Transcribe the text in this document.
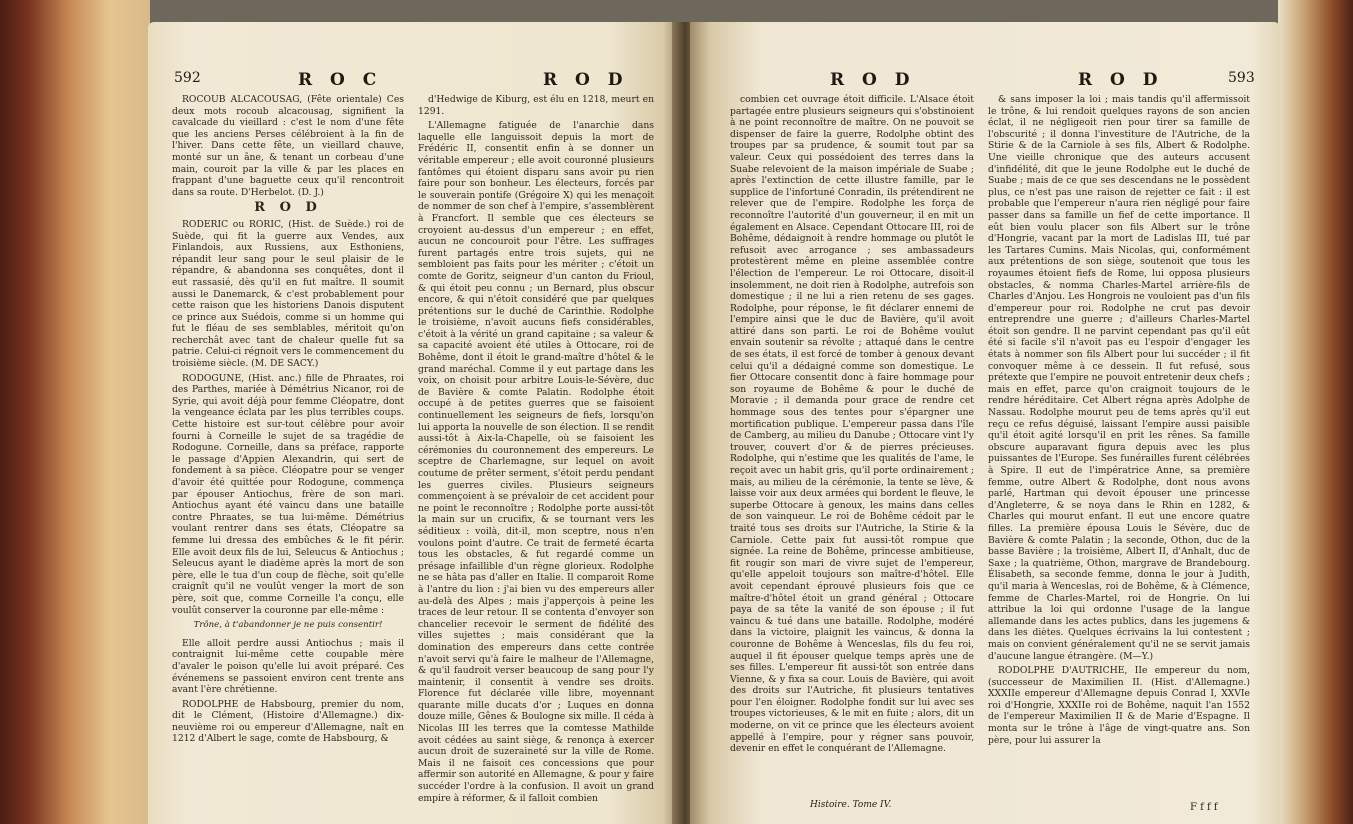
592	R O C	R O D

ROCOUB ALCACOUSAG, (Fête orientale) Ces deux mots rocoub alcacousag, signifient la cavalcade du vieillard : c'est le nom d'une fête que les anciens Perses célébroient à la fin de l'hiver. Dans cette fête, un vieillard chauve, monté sur un âne, & tenant un corbeau d'une main, couroit par la ville & par les places en frappant d'une baguette ceux qu'il rencontroit dans sa route. D'Herbelot. (D. J.)

R O D

RODERIC ou RORIC, (Hist. de Suède.) roi de Suède, qui fit la guerre aux Vendes, aux Finlandois, aux Russiens, aux Esthoniens, répandit leur sang pour le seul plaisir de le répandre, & abandonna ses conquêtes, dont il eut rassasié, dès qu'il en fut maître. Il soumit aussi le Danemarck, & c'est probablement pour cette raison que les historiens Danois disputent ce prince aux Suédois, comme si un homme qui fut le fléau de ses semblables, méritoit qu'on recherchât avec tant de chaleur quelle fut sa patrie. Celui-ci régnoit vers le commencement du troisième siècle. (M. DE SACY.)

RODOGUNE, (Hist. anc.) fille de Phraates, roi des Parthes, mariée à Démétrius Nicanor, roi de Syrie, qui avoit déjà pour femme Cléopatre, dont la vengeance éclata par les plus terribles coups. Cette histoire est sur-tout célèbre pour avoir fourni à Corneille le sujet de sa tragédie de Rodogune. Corneille, dans sa préface, rapporte le passage d'Appien Alexandrin, qui sert de fondement à sa pièce. Cléopatre pour se venger d'avoir été quittée pour Rodogune, commença par épouser Antiochus, frère de son mari. Antiochus ayant été vaincu dans une bataille contre Phraates, se tua lui-même. Démétrius voulant rentrer dans ses états, Cléopatre sa femme lui dressa des embûches & le fit périr. Elle avoit deux fils de lui, Seleucus & Antiochus ; Seleucus ayant le diadème après la mort de son père, elle le tua d'un coup de flèche, soit qu'elle craignît qu'il ne voulût venger la mort de son père, soit que, comme Corneille l'a conçu, elle voulût conserver la couronne par elle-même :

Trône, à t'abandonner je ne puis consentir!

Elle alloit perdre aussi Antiochus ; mais il contraignit lui-même cette coupable mère d'avaler le poison qu'elle lui avoit préparé. Ces événemens se passoient environ cent trente ans avant l'ère chrétienne.

RODOLPHE de Habsbourg, premier du nom, dit le Clément, (Histoire d'Allemagne.) dix-neuvième roi ou empereur d'Allemagne, naît en 1212 d'Albert le sage, comte de Habsbourg, &

d'Hedwige de Kiburg, est élu en 1218, meurt en 1291.

L'Allemagne fatiguée de l'anarchie dans laquelle elle languissoit depuis la mort de Frédéric II, consentit enfin à se donner un véritable empereur ; elle avoit couronné plusieurs fantômes qui étoient disparu sans avoir pu rien faire pour son bonheur. Les électeurs, forcés par le souverain pontife (Grégoire X) qui les menaçoit de nommer de son chef à l'empire, s'assemblèrent à Francfort. Il semble que ces électeurs se croyoient au-dessus d'un empereur ; en effet, aucun ne concouroit pour l'être. Les suffrages furent partagés entre trois sujets, qui ne sembloient pas faits pour les mériter ; c'étoit un comte de Goritz, seigneur d'un canton du Frioul, & qui étoit peu connu ; un Bernard, plus obscur encore, & qui n'étoit considéré que par quelques prétentions sur le duché de Carinthie. Rodolphe le troisième, n'avoit aucuns fiefs considérables, c'étoit à la vérité un grand capitaine ; sa valeur & sa capacité avoient été utiles à Ottocare, roi de Bohême, dont il étoit le grand-maître d'hôtel & le grand maréchal. Comme il y eut partage dans les voix, on choisit pour arbitre Louis-le-Sévère, duc de Bavière & comte Palatin. Rodolphe étoit occupé à de petites guerres que se faisoient continuellement les seigneurs de fiefs, lorsqu'on lui apporta la nouvelle de son élection. Il se rendit aussi-tôt à Aix-la-Chapelle, où se faisoient les cérémonies du couronnement des empereurs. Le sceptre de Charlemagne, sur lequel on avoit coutume de prêter serment, s'étoit perdu pendant les guerres civiles. Plusieurs seigneurs commençoient à se prévaloir de cet accident pour ne point le reconnoître ; Rodolphe porte aussi-tôt la main sur un crucifix, & se tournant vers les séditieux : voilà, dit-il, mon sceptre, nous n'en voulons point d'autre. Ce trait de fermeté écarta tous les obstacles, & fut regardé comme un présage infaillible d'un règne glorieux. Rodolphe ne se hâta pas d'aller en Italie. Il comparoit Rome à l'antre du lion : j'ai bien vu des empereurs aller au-delà des Alpes ; mais j'apperçois à peine les traces de leur retour. Il se contenta d'envoyer son chancelier recevoir le serment de fidélité des villes sujettes ; mais considérant que la domination des empereurs dans cette contrée n'avoit servi qu'à faire le malheur de l'Allemagne, & qu'il faudroit verser beaucoup de sang pour l'y maintenir, il consentit à vendre ses droits. Florence fut déclarée ville libre, moyennant quarante mille ducats d'or ; Luques en donna douze mille, Gênes & Boulogne six mille. Il céda à Nicolas III les terres que la comtesse Mathilde avoit cédées au saint siège, & renonça à exercer aucun droit de suzeraineté sur la ville de Rome. Mais il ne faisoit ces concessions que pour affermir son autorité en Allemagne, & pour y faire succéder l'ordre à la confusion. Il avoit un grand empire à réformer, & il falloit combien

R O D	R O D	593

combien cet ouvrage étoit difficile. L'Alsace étoit partagée entre plusieurs seigneurs qui s'obstinoient à ne point reconnoître de maître. On ne pouvoit se dispenser de faire la guerre, Rodolphe obtint des troupes par sa prudence, & soumit tout par sa valeur. Ceux qui possédoient des terres dans la Suabe relevoient de la maison impériale de Suabe ; après l'extinction de cette illustre famille, par le supplice de l'infortuné Conradin, ils prétendirent ne relever que de l'empire. Rodolphe les força de reconnoître l'autorité d'un gouverneur, il en mit un également en Alsace. Cependant Ottocare III, roi de Bohême, dédaignoit à rendre hommage ou plutôt le refusoit avec arrogance ; ses ambassadeurs protestèrent même en pleine assemblée contre l'élection de l'empereur. Le roi Ottocare, disoit-il insolemment, ne doit rien à Rodolphe, autrefois son domestique ; il ne lui a rien retenu de ses gages. Rodolphe, pour réponse, le fit déclarer ennemi de l'empire ainsi que le duc de Bavière, qu'il avoit attiré dans son parti. Le roi de Bohême voulut envain soutenir sa révolte ; attaqué dans le centre de ses états, il est forcé de tomber à genoux devant celui qu'il a dédaigné comme son domestique. Le fier Ottocare consentit donc à faire hommage pour son royaume de Bohême & pour le duché de Moravie ; il demanda pour grace de rendre cet hommage sous des tentes pour s'épargner une mortification publique. L'empereur passa dans l'île de Camberg, au milieu du Danube ; Ottocare vint l'y trouver, couvert d'or & de pierres précieuses. Rodolphe, qui n'estime que les qualités de l'ame, le reçoit avec un habit gris, qu'il porte ordinairement ; mais, au milieu de la cérémonie, la tente se lève, & laisse voir aux deux armées qui bordent le fleuve, le superbe Ottocare à genoux, les mains dans celles de son vainqueur. Le roi de Bohême cédoit par le traité tous ses droits sur l'Autriche, la Stirie & la Carniole. Cette paix fut aussi-tôt rompue que signée. La reine de Bohême, princesse ambitieuse, fit rougir son mari de vivre sujet de l'empereur, qu'elle appeloit toujours son maître-d'hôtel. Elle avoit cependant éprouvé plusieurs fois que ce maître-d'hôtel étoit un grand général ; Ottocare paya de sa tête la vanité de son épouse ; il fut vaincu & tué dans une bataille. Rodolphe, modéré dans la victoire, plaignit les vaincus, & donna la couronne de Bohême à Wenceslas, fils du feu roi, auquel il fit épouser quelque temps après une de ses filles. L'empereur fit aussi-tôt son entrée dans Vienne, & y fixa sa cour. Louis de Bavière, qui avoit des droits sur l'Autriche, fit plusieurs tentatives pour l'en éloigner. Rodolphe fondit sur lui avec ses troupes victorieuses, & le mit en fuite ; alors, dit un moderne, on vit ce prince que les électeurs avoient appellé à l'empire, pour y régner sans pouvoir, devenir en effet le conquérant de l'Allemagne.

Histoire. Tome IV.

& sans imposer la loi ; mais tandis qu'il affermissoit le trône, & lui rendoit quelques rayons de son ancien éclat, il ne négligeoit rien pour tirer sa famille de l'obscurité ; il donna l'investiture de l'Autriche, de la Stirie & de la Carniole à ses fils, Albert & Rodolphe. Une vieille chronique que des auteurs accusent d'infidélité, dit que le jeune Rodolphe eut le duché de Suabe ; mais de ce que ses descendans ne le possèdent plus, ce n'est pas une raison de rejetter ce fait : il est probable que l'empereur n'aura rien négligé pour faire passer dans sa famille un fief de cette importance. Il eût bien voulu placer son fils Albert sur le trône d'Hongrie, vacant par la mort de Ladislas III, tué par les Tartares Cumins. Mais Nicolas, qui, conformément aux prétentions de son siège, soutenoit que tous les royaumes étoient fiefs de Rome, lui opposa plusieurs obstacles, & nomma Charles-Martel arrière-fils de Charles d'Anjou. Les Hongrois ne vouloient pas d'un fils d'empereur pour roi. Rodolphe ne crut pas devoir entreprendre une guerre ; d'ailleurs Charles-Martel étoit son gendre. Il ne parvint cependant pas qu'il eût été si facile s'il n'avoit pas eu l'espoir d'engager les états à nommer son fils Albert pour lui succéder ; il fit convoquer même à ce dessein. Il fut refusé, sous prétexte que l'empire ne pouvoit entretenir deux chefs ; mais en effet, parce qu'on craignoit toujours de le rendre héréditaire. Cet Albert régna après Adolphe de Nassau. Rodolphe mourut peu de tems après qu'il eut reçu ce refus déguisé, laissant l'empire aussi paisible qu'il étoit agité lorsqu'il en prit les rênes. Sa famille obscure auparavant figura depuis avec les plus puissantes de l'Europe. Ses funérailles furent célébrées à Spire. Il eut de l'impératrice Anne, sa première femme, outre Albert & Rodolphe, dont nous avons parlé, Hartman qui devoit épouser une princesse d'Angleterre, & se noya dans le Rhin en 1282, & Charles qui mourut enfant. Il eut une encore quatre filles. La première épousa Louis le Sévère, duc de Bavière & comte Palatin ; la seconde, Othon, duc de la basse Bavière ; la troisième, Albert II, d'Anhalt, duc de Saxe ; la quatrième, Othon, margrave de Brandebourg. Élisabeth, sa seconde femme, donna le jour à Judith, qu'il maria à Wenceslas, roi de Bohême, & à Clémence, femme de Charles-Martel, roi de Hongrie. On lui attribue la loi qui ordonne l'usage de la langue allemande dans les actes publics, dans les jugemens & dans les diètes. Quelques écrivains la lui contestent ; mais on convient généralement qu'il ne se servit jamais d'aucune langue étrangère. (M—Y.)

RODOLPHE D'AUTRICHE, IIe empereur du nom, (successeur de Maximilien II. (Hist. d'Allemagne.) XXXIIe empereur d'Allemagne depuis Conrad I, XXVIe roi d'Hongrie, XXXIIe roi de Bohême, naquit l'an 1552 de l'empereur Maximilien II & de Marie d'Espagne. Il monta sur le trône à l'âge de vingt-quatre ans. Son père, pour lui assurer la

F f f f
